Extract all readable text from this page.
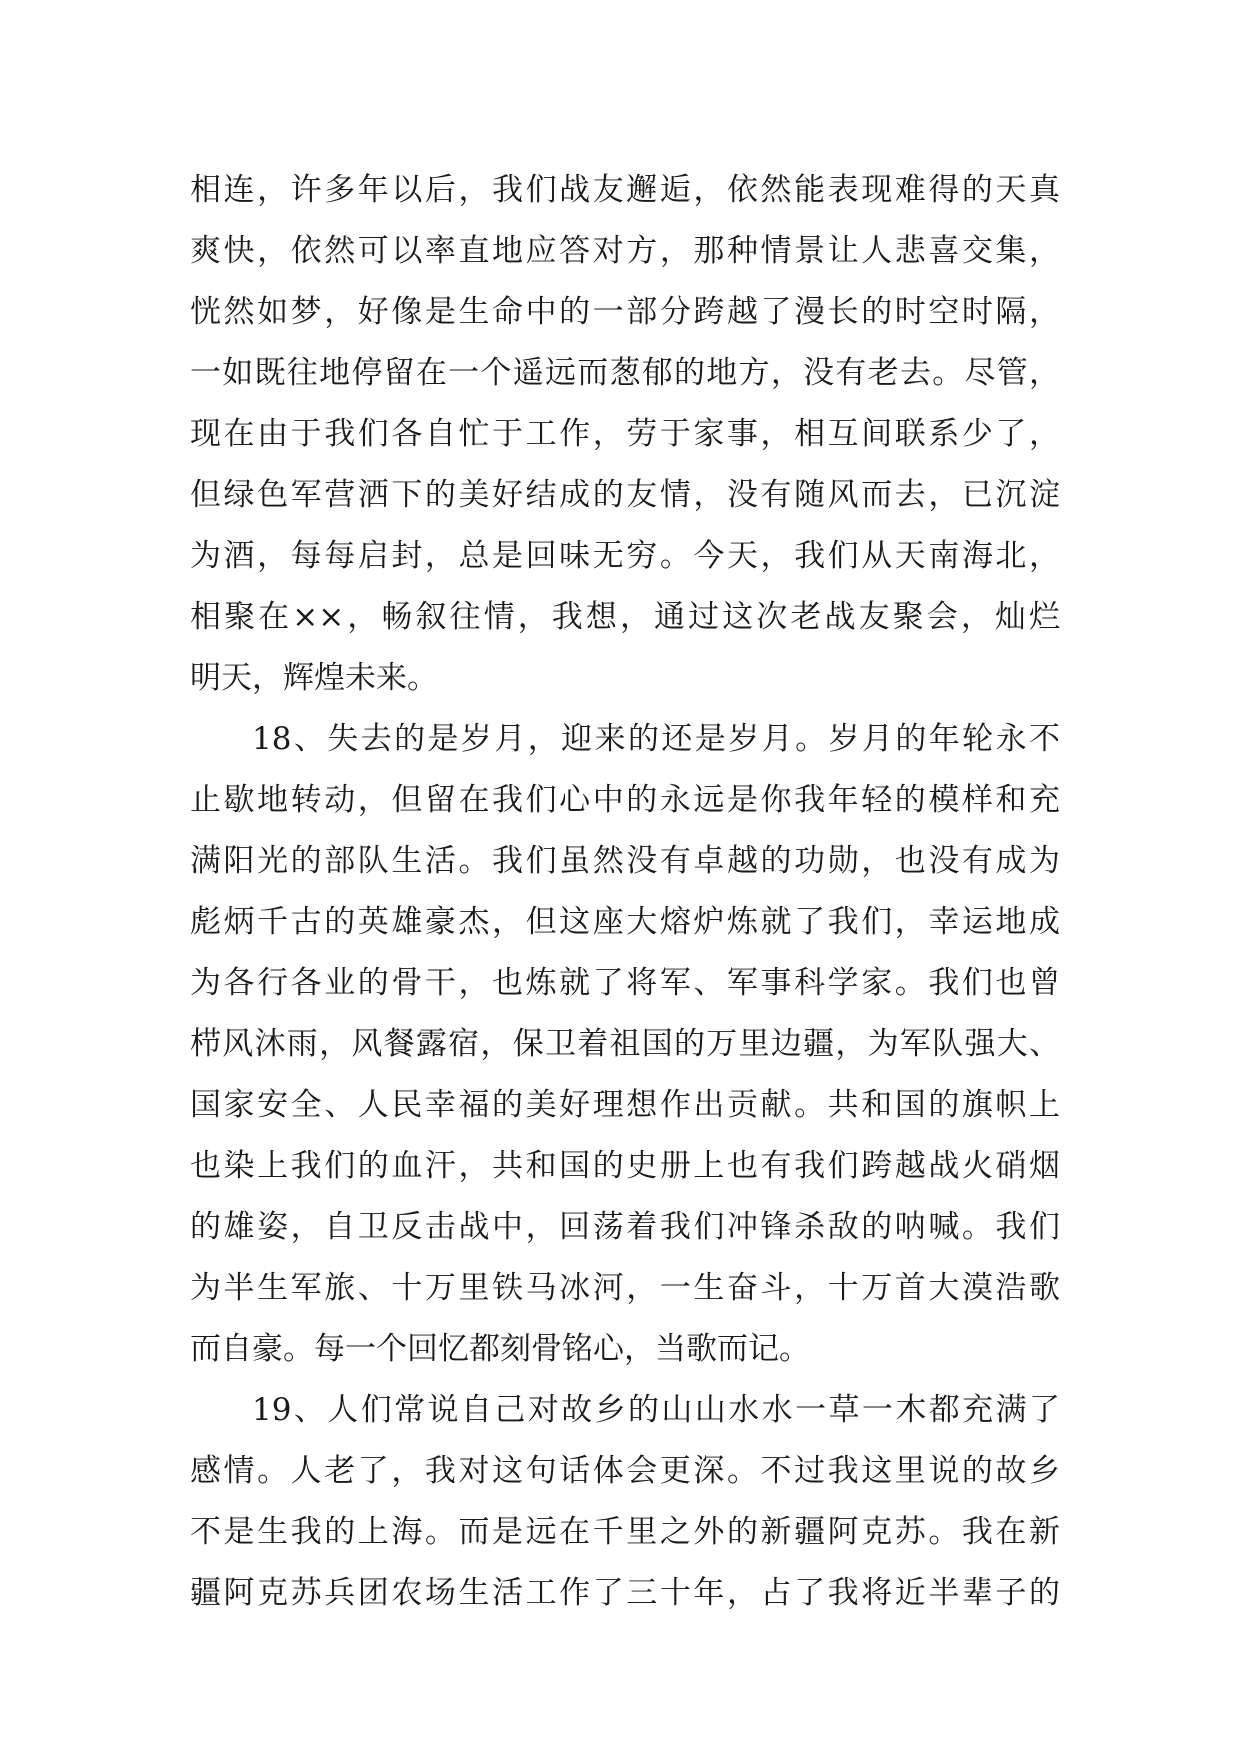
相连，许多年以后，我们战友邂逅，依然能表现难得的天真
爽快，依然可以率直地应答对方，那种情景让人悲喜交集，
恍然如梦，好像是生命中的一部分跨越了漫长的时空时隔，
一如既往地停留在一个遥远而葱郁的地方，没有老去。尽管，
现在由于我们各自忙于工作，劳于家事，相互间联系少了，
但绿色军营洒下的美好结成的友情，没有随风而去，已沉淀
为酒，每每启封，总是回味无穷。今天，我们从天南海北，
相聚在××，畅叙往情，我想，通过这次老战友聚会，灿烂
明天，辉煌未来。
18、失去的是岁月，迎来的还是岁月。岁月的年轮永不
止歇地转动，但留在我们心中的永远是你我年轻的模样和充
满阳光的部队生活。我们虽然没有卓越的功勋，也没有成为
彪炳千古的英雄豪杰，但这座大熔炉炼就了我们，幸运地成
为各行各业的骨干，也炼就了将军、军事科学家。我们也曾
栉风沐雨，风餐露宿，保卫着祖国的万里边疆，为军队强大、
国家安全、人民幸福的美好理想作出贡献。共和国的旗帜上
也染上我们的血汗，共和国的史册上也有我们跨越战火硝烟
的雄姿，自卫反击战中，回荡着我们冲锋杀敌的呐喊。我们
为半生军旅、十万里铁马冰河，一生奋斗，十万首大漠浩歌
而自豪。每一个回忆都刻骨铭心，当歌而记。
19、人们常说自己对故乡的山山水水一草一木都充满了
感情。人老了，我对这句话体会更深。不过我这里说的故乡
不是生我的上海。而是远在千里之外的新疆阿克苏。我在新
疆阿克苏兵团农场生活工作了三十年，占了我将近半辈子的
